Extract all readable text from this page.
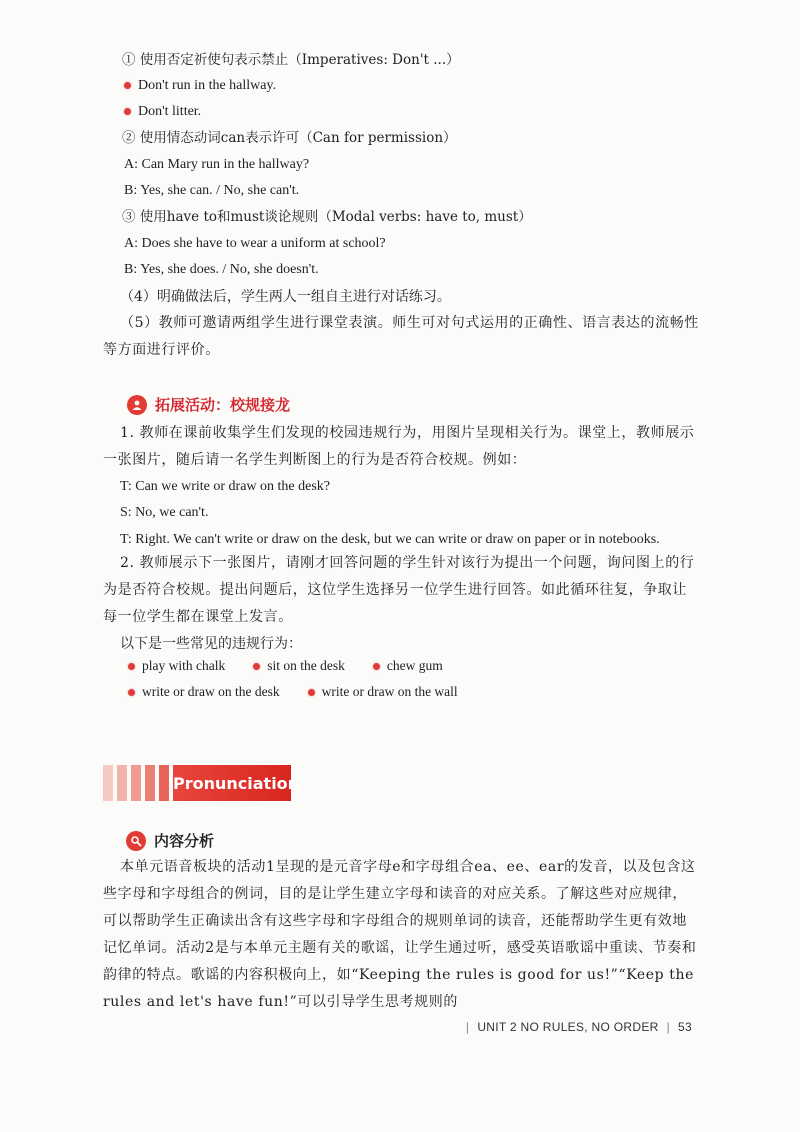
① 使用否定祈使句表示禁止（Imperatives: Don't ...）
Don't run in the hallway.
Don't litter.
② 使用情态动词can表示许可（Can for permission）
A: Can Mary run in the hallway?
B: Yes, she can. / No, she can't.
③ 使用have to和must谈论规则（Modal verbs: have to, must）
A: Does she have to wear a uniform at school?
B: Yes, she does. / No, she doesn't.
（4）明确做法后，学生两人一组自主进行对话练习。
（5）教师可邀请两组学生进行课堂表演。师生可对句式运用的正确性、语言表达的流畅性等方面进行评价。
拓展活动：校规接龙
1. 教师在课前收集学生们发现的校园违规行为，用图片呈现相关行为。课堂上，教师展示一张图片，随后请一名学生判断图上的行为是否符合校规。例如：
T: Can we write or draw on the desk?
S: No, we can't.
T: Right. We can't write or draw on the desk, but we can write or draw on paper or in notebooks.
2. 教师展示下一张图片，请刚才回答问题的学生针对该行为提出一个问题，询问图上的行为是否符合校规。提出问题后，这位学生选择另一位学生进行回答。如此循环往复，争取让每一位学生都在课堂上发言。
以下是一些常见的违规行为：
play with chalk	sit on the desk	chew gum
write or draw on the desk	write or draw on the wall
Pronunciation
内容分析
本单元语音板块的活动1呈现的是元音字母e和字母组合ea、ee、ear的发音，以及包含这些字母和字母组合的例词，目的是让学生建立字母和读音的对应关系。了解这些对应规律，可以帮助学生正确读出含有这些字母和字母组合的规则单词的读音，还能帮助学生更有效地记忆单词。活动2是与本单元主题有关的歌谣，让学生通过听，感受英语歌谣中重读、节奏和韵律的特点。歌谣的内容积极向上，如“Keeping the rules is good for us!”“Keep the rules and let's have fun!”可以引导学生思考规则的
| UNIT 2 NO RULES, NO ORDER | 53
